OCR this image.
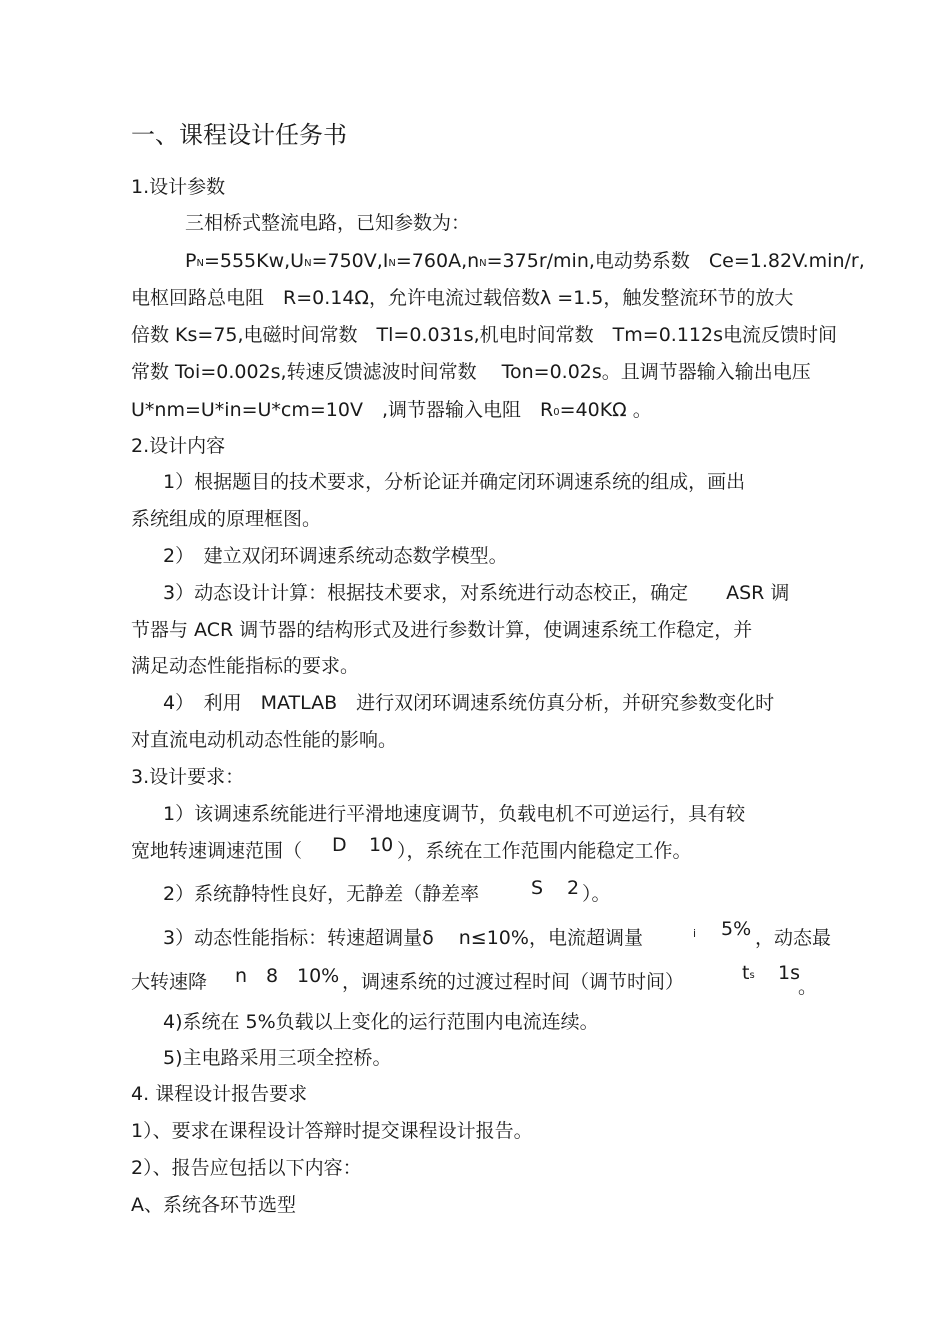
一、课程设计任务书
1.设计参数
三相桥式整流电路，已知参数为：
PN=555Kw,UN=750V,IN=760A,nN=375r/min,电动势系数　Ce=1.82V.min/r,
电枢回路总电阻　R=0.14Ω，允许电流过载倍数λ =1.5，触发整流环节的放大
倍数 Ks=75,电磁时间常数　Tl=0.031s,机电时间常数　Tm=0.112s电流反馈时间
常数 Toi=0.002s,转速反馈滤波时间常数　 Ton=0.02s。且调节器输入输出电压
U*nm=U*in=U*cm=10V　,调节器输入电阻　R0=40KΩ 。
2.设计内容
1）根据题目的技术要求，分析论证并确定闭环调速系统的组成，画出
系统组成的原理框图。
2）　建立双闭环调速系统动态数学模型。
3）动态设计计算：根据技术要求，对系统进行动态校正，确定　　ASR 调
节器与 ACR 调节器的结构形式及进行参数计算，使调速系统工作稳定，并
满足动态性能指标的要求。
4）　利用　MATLAB　进行双闭环调速系统仿真分析，并研究参数变化时
对直流电动机动态性能的影响。
3.设计要求：
1）该调速系统能进行平滑地速度调节，负载电机不可逆运行，具有较
宽地转速调速范围（ D 10 ），系统在工作范围内能稳定工作。
2）系统静特性良好，无静差（静差率	S 2 ）。
3）动态性能指标：转速超调量δ　 n≤10%，电流超调量	i 5% ，动态最
大转速降 n 8 10% ，调速系统的过渡过程时间（调节时间）	ts 1s
。
4)系统在 5%负载以上变化的运行范围内电流连续。
5)主电路采用三项全控桥。
4. 课程设计报告要求
1）、要求在课程设计答辩时提交课程设计报告。
2）、报告应包括以下内容：
A、系统各环节选型
